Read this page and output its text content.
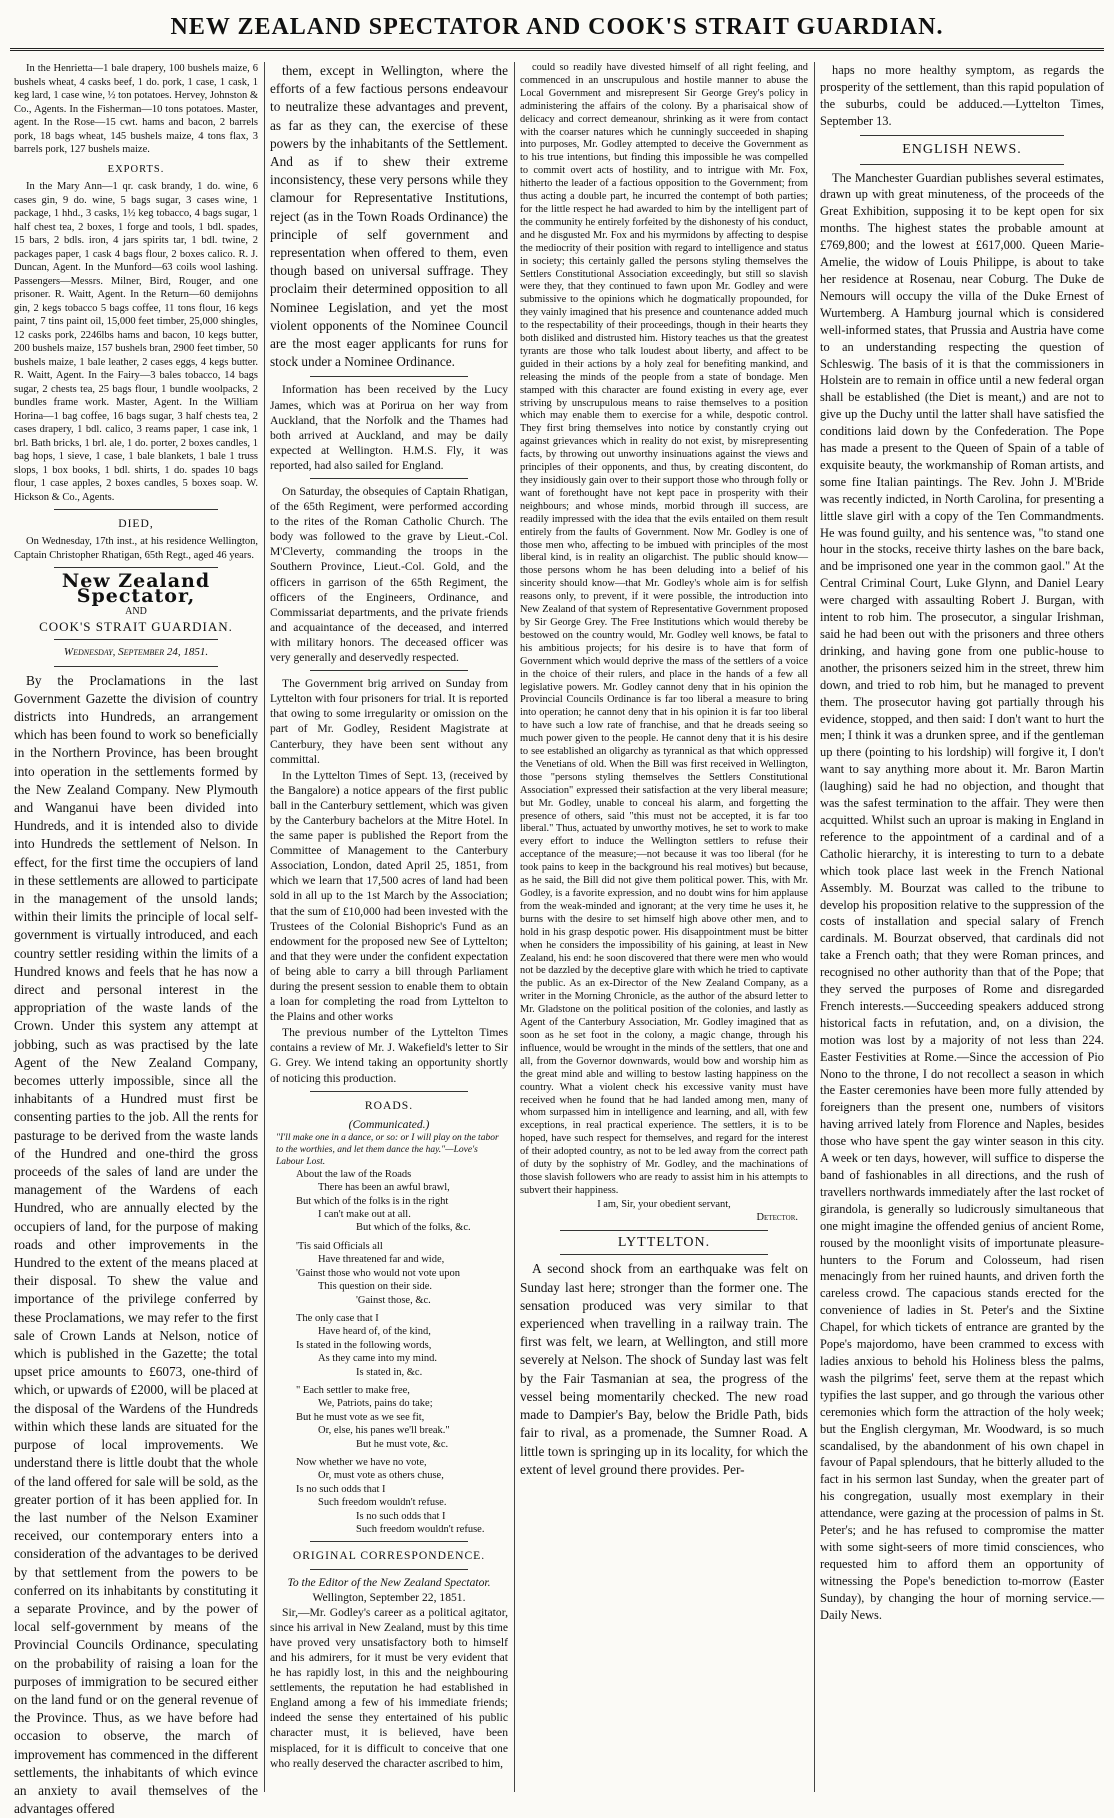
NEW ZEALAND SPECTATOR AND COOK'S STRAIT GUARDIAN.

In the Henrietta—1 bale drapery, 100 bushels maize, 6 bushels wheat, 4 casks beef, 1 do. pork, 1 case, 1 cask, 1 keg lard, 1 case wine, ½ ton potatoes. Hervey, Johnston & Co., Agents. In the Fisherman—10 tons potatoes. Master, agent. In the Rose—15 cwt. hams and bacon, 2 barrels pork, 18 bags wheat, 145 bushels maize, 4 tons flax, 3 barrels pork, 127 bushels maize.

EXPORTS.

In the Mary Ann—1 qr. cask brandy, 1 do. wine, 6 cases gin, 9 do. wine, 5 bags sugar, 3 cases wine, 1 package, 1 hhd., 3 casks, 1½ keg tobacco, 4 bags sugar, 1 half chest tea, 2 boxes, 1 forge and tools, 1 bdl. spades, 15 bars, 2 bdls. iron, 4 jars spirits tar, 1 bdl. twine, 2 packages paper, 1 cask 4 bags flour, 2 boxes calico. R. J. Duncan, Agent. In the Munford—63 coils wool lashing. Passengers—Messrs. Milner, Bird, Rouger, and one prisoner. R. Waitt, Agent. In the Return—60 demijohns gin, 2 kegs tobacco 5 bags coffee, 11 tons flour, 16 kegs paint, 7 tins paint oil, 15,000 feet timber, 25,000 shingles, 12 casks pork, 2246lbs hams and bacon, 10 kegs butter, 200 bushels maize, 157 bushels bran, 2900 feet timber, 50 bushels maize, 1 bale leather, 2 cases eggs, 4 kegs butter. R. Waitt, Agent. In the Fairy—3 bales tobacco, 14 bags sugar, 2 chests tea, 25 bags flour, 1 bundle woolpacks, 2 bundles frame work. Master, Agent. In the William Horina—1 bag coffee, 16 bags sugar, 3 half chests tea, 2 cases drapery, 1 bdl. calico, 3 reams paper, 1 case ink, 1 brl. Bath bricks, 1 brl. ale, 1 do. porter, 2 boxes candles, 1 bag hops, 1 sieve, 1 case, 1 bale blankets, 1 bale 1 truss slops, 1 box books, 1 bdl. shirts, 1 do. spades 10 bags flour, 1 case apples, 2 boxes candles, 5 boxes soap. W. Hickson & Co., Agents.

DIED,

On Wednesday, 17th inst., at his residence Wellington, Captain Christopher Rhatigan, 65th Regt., aged 46 years.

New Zealand Spectator,
AND
COOK'S STRAIT GUARDIAN.
Wednesday, September 24, 1851.

By the Proclamations in the last Government Gazette the division of country districts into Hundreds, an arrangement which has been found to work so beneficially in the Northern Province, has been brought into operation in the settlements formed by the New Zealand Company. New Plymouth and Wanganui have been divided into Hundreds, and it is intended also to divide into Hundreds the settlement of Nelson. In effect, for the first time the occupiers of land in these settlements are allowed to participate in the management of the unsold lands; within their limits the principle of local self-government is virtually introduced, and each country settler residing within the limits of a Hundred knows and feels that he has now a direct and personal interest in the appropriation of the waste lands of the Crown. Under this system any attempt at jobbing, such as was practised by the late Agent of the New Zealand Company, becomes utterly impossible, since all the inhabitants of a Hundred must first be consenting parties to the job. All the rents for pasturage to be derived from the waste lands of the Hundred and one-third the gross proceeds of the sales of land are under the management of the Wardens of each Hundred, who are annually elected by the occupiers of land, for the purpose of making roads and other improvements in the Hundred to the extent of the means placed at their disposal. To shew the value and importance of the privilege conferred by these Proclamations, we may refer to the first sale of Crown Lands at Nelson, notice of which is published in the Gazette; the total upset price amounts to £6073, one-third of which, or upwards of £2000, will be placed at the disposal of the Wardens of the Hundreds within which these lands are situated for the purpose of local improvements. We understand there is little doubt that the whole of the land offered for sale will be sold, as the greater portion of it has been applied for. In the last number of the Nelson Examiner received, our contemporary enters into a consideration of the advantages to be derived by that settlement from the powers to be conferred on its inhabitants by constituting it a separate Province, and by the power of local self-government by means of the Provincial Councils Ordinance, speculating on the probability of raising a loan for the purposes of immigration to be secured either on the land fund or on the general revenue of the Province. Thus, as we have before had occasion to observe, the march of improvement has commenced in the different settlements, the inhabitants of which evince an anxiety to avail themselves of the advantages offered

them, except in Wellington, where the efforts of a few factious persons endeavour to neutralize these advantages and prevent, as far as they can, the exercise of these powers by the inhabitants of the Settlement. And as if to shew their extreme inconsistency, these very persons while they clamour for Representative Institutions, reject (as in the Town Roads Ordinance) the principle of self government and representation when offered to them, even though based on universal suffrage. They proclaim their determined opposition to all Nominee Legislation, and yet the most violent opponents of the Nominee Council are the most eager applicants for runs for stock under a Nominee Ordinance.

Information has been received by the Lucy James, which was at Porirua on her way from Auckland, that the Norfolk and the Thames had both arrived at Auckland, and may be daily expected at Wellington. H.M.S. Fly, it was reported, had also sailed for England.

On Saturday, the obsequies of Captain Rhatigan, of the 65th Regiment, were performed according to the rites of the Roman Catholic Church. The body was followed to the grave by Lieut.-Col. M'Cleverty, commanding the troops in the Southern Province, Lieut.-Col. Gold, and the officers in garrison of the 65th Regiment, the officers of the Engineers, Ordinance, and Commissariat departments, and the private friends and acquaintance of the deceased, and interred with military honors. The deceased officer was very generally and deservedly respected.

The Government brig arrived on Sunday from Lyttelton with four prisoners for trial. It is reported that owing to some irregularity or omission on the part of Mr. Godley, Resident Magistrate at Canterbury, they have been sent without any committal.

In the Lyttelton Times of Sept. 13, (received by the Bangalore) a notice appears of the first public ball in the Canterbury settlement, which was given by the Canterbury bachelors at the Mitre Hotel. In the same paper is published the Report from the Committee of Management to the Canterbury Association, London, dated April 25, 1851, from which we learn that 17,500 acres of land had been sold in all up to the 1st March by the Association; that the sum of £10,000 had been invested with the Trustees of the Colonial Bishopric's Fund as an endowment for the proposed new See of Lyttelton; and that they were under the confident expectation of being able to carry a bill through Parliament during the present session to enable them to obtain a loan for completing the road from Lyttelton to the Plains and other works

The previous number of the Lyttelton Times contains a review of Mr. J. Wakefield's letter to Sir G. Grey. We intend taking an opportunity shortly of noticing this production.

ROADS.
(Communicated.)
"I'll make one in a dance, or so: or I will play on the tabor to the worthies, and let them dance the hay."—Love's Labour Lost.
About the law of the Roads
There has been an awful brawl,
But which of the folks is in the right
I can't make out at all.
But which of the folks, &c.
'Tis said Officials all
Have threatened far and wide,
'Gainst those who would not vote upon
This question on their side.
'Gainst those, &c.
The only case that I
Have heard of, of the kind,
Is stated in the following words,
As they came into my mind.
Is stated in, &c.
" Each settler to make free,
We, Patriots, pains do take;
But he must vote as we see fit,
Or, else, his panes we'll break."
But he must vote, &c.
Now whether we have no vote,
Or, must vote as others chuse,
Is no such odds that I
Such freedom wouldn't refuse.
Is no such odds that I
Such freedom wouldn't refuse.
ORIGINAL CORRESPONDENCE.
To the Editor of the New Zealand Spectator.
Wellington, September 22, 1851.

Sir,—Mr. Godley's career as a political agitator, since his arrival in New Zealand, must by this time have proved very unsatisfactory both to himself and his admirers, for it must be very evident that he has rapidly lost, in this and the neighbouring settlements, the reputation he had established in England among a few of his immediate friends; indeed the sense they entertained of his public character must, it is believed, have been misplaced, for it is difficult to conceive that one who really deserved the character ascribed to him,

could so readily have divested himself of all right feeling, and commenced in an unscrupulous and hostile manner to abuse the Local Government and misrepresent Sir George Grey's policy in administering the affairs of the colony. By a pharisaical show of delicacy and correct demeanour, shrinking as it were from contact with the coarser natures which he cunningly succeeded in shaping into purposes, Mr. Godley attempted to deceive the Government as to his true intentions, but finding this impossible he was compelled to commit overt acts of hostility, and to intrigue with Mr. Fox, hitherto the leader of a factious opposition to the Government; from thus acting a double part, he incurred the contempt of both parties; for the little respect he had awarded to him by the intelligent part of the community he entirely forfeited by the dishonesty of his conduct, and he disgusted Mr. Fox and his myrmidons by affecting to despise the mediocrity of their position with regard to intelligence and status in society; this certainly galled the persons styling themselves the Settlers Constitutional Association exceedingly, but still so slavish were they, that they continued to fawn upon Mr. Godley and were submissive to the opinions which he dogmatically propounded, for they vainly imagined that his presence and countenance added much to the respectability of their proceedings, though in their hearts they both disliked and distrusted him. History teaches us that the greatest tyrants are those who talk loudest about liberty, and affect to be guided in their actions by a holy zeal for benefiting mankind, and releasing the minds of the people from a state of bondage. Men stamped with this character are found existing in every age, ever striving by unscrupulous means to raise themselves to a position which may enable them to exercise for a while, despotic control. They first bring themselves into notice by constantly crying out against grievances which in reality do not exist, by misrepresenting facts, by throwing out unworthy insinuations against the views and principles of their opponents, and thus, by creating discontent, do they insidiously gain over to their support those who through folly or want of forethought have not kept pace in prosperity with their neighbours; and whose minds, morbid through ill success, are readily impressed with the idea that the evils entailed on them result entirely from the faults of Government. Now Mr. Godley is one of those men who, affecting to be imbued with principles of the most liberal kind, is in reality an oligarchist. The public should know—those persons whom he has been deluding into a belief of his sincerity should know—that Mr. Godley's whole aim is for selfish reasons only, to prevent, if it were possible, the introduction into New Zealand of that system of Representative Government proposed by Sir George Grey. The Free Institutions which would thereby be bestowed on the country would, Mr. Godley well knows, be fatal to his ambitious projects; for his desire is to have that form of Government which would deprive the mass of the settlers of a voice in the choice of their rulers, and place in the hands of a few all legislative powers. Mr. Godley cannot deny that in his opinion the Provincial Councils Ordinance is far too liberal a measure to bring into operation; he cannot deny that in his opinion it is far too liberal to have such a low rate of franchise, and that he dreads seeing so much power given to the people. He cannot deny that it is his desire to see established an oligarchy as tyrannical as that which oppressed the Venetians of old. When the Bill was first received in Wellington, those "persons styling themselves the Settlers Constitutional Association" expressed their satisfaction at the very liberal measure; but Mr. Godley, unable to conceal his alarm, and forgetting the presence of others, said "this must not be accepted, it is far too liberal." Thus, actuated by unworthy motives, he set to work to make every effort to induce the Wellington settlers to refuse their acceptance of the measure;—not because it was too liberal (for he took pains to keep in the background his real motives) but because, as he said, the Bill did not give them political power. This, with Mr. Godley, is a favorite expression, and no doubt wins for him applause from the weak-minded and ignorant; at the very time he uses it, he burns with the desire to set himself high above other men, and to hold in his grasp despotic power. His disappointment must be bitter when he considers the impossibility of his gaining, at least in New Zealand, his end: he soon discovered that there were men who would not be dazzled by the deceptive glare with which he tried to captivate the public. As an ex-Director of the New Zealand Company, as a writer in the Morning Chronicle, as the author of the absurd letter to Mr. Gladstone on the political position of the colonies, and lastly as Agent of the Canterbury Association, Mr. Godley imagined that as soon as he set foot in the colony, a magic change, through his influence, would be wrought in the minds of the settlers, that one and all, from the Governor downwards, would bow and worship him as the great mind able and willing to bestow lasting happiness on the country. What a violent check his excessive vanity must have received when he found that he had landed among men, many of whom surpassed him in intelligence and learning, and all, with few exceptions, in real practical experience. The settlers, it is to be hoped, have such respect for themselves, and regard for the interest of their adopted country, as not to be led away from the correct path of duty by the sophistry of Mr. Godley, and the machinations of those slavish followers who are ready to assist him in his attempts to subvert their happiness.

I am, Sir, your obedient servant,
Detector.
LYTTELTON.

A second shock from an earthquake was felt on Sunday last here; stronger than the former one. The sensation produced was very similar to that experienced when travelling in a railway train. The first was felt, we learn, at Wellington, and still more severely at Nelson. The shock of Sunday last was felt by the Fair Tasmanian at sea, the progress of the vessel being momentarily checked. The new road made to Dampier's Bay, below the Bridle Path, bids fair to rival, as a promenade, the Sumner Road. A little town is springing up in its locality, for which the extent of level ground there provides. Per-

haps no more healthy symptom, as regards the prosperity of the settlement, than this rapid population of the suburbs, could be adduced.—Lyttelton Times, September 13.

ENGLISH NEWS.

The Manchester Guardian publishes several estimates, drawn up with great minuteness, of the proceeds of the Great Exhibition, supposing it to be kept open for six months. The highest states the probable amount at £769,800; and the lowest at £617,000. Queen Marie-Amelie, the widow of Louis Philippe, is about to take her residence at Rosenau, near Coburg. The Duke de Nemours will occupy the villa of the Duke Ernest of Wurtemberg. A Hamburg journal which is considered well-informed states, that Prussia and Austria have come to an understanding respecting the question of Schleswig. The basis of it is that the commissioners in Holstein are to remain in office until a new federal organ shall be established (the Diet is meant,) and are not to give up the Duchy until the latter shall have satisfied the conditions laid down by the Confederation. The Pope has made a present to the Queen of Spain of a table of exquisite beauty, the workmanship of Roman artists, and some fine Italian paintings. The Rev. John J. M'Bride was recently indicted, in North Carolina, for presenting a little slave girl with a copy of the Ten Commandments. He was found guilty, and his sentence was, "to stand one hour in the stocks, receive thirty lashes on the bare back, and be imprisoned one year in the common gaol." At the Central Criminal Court, Luke Glynn, and Daniel Leary were charged with assaulting Robert J. Burgan, with intent to rob him. The prosecutor, a singular Irishman, said he had been out with the prisoners and three others drinking, and having gone from one public-house to another, the prisoners seized him in the street, threw him down, and tried to rob him, but he managed to prevent them. The prosecutor having got partially through his evidence, stopped, and then said: I don't want to hurt the men; I think it was a drunken spree, and if the gentleman up there (pointing to his lordship) will forgive it, I don't want to say anything more about it. Mr. Baron Martin (laughing) said he had no objection, and thought that was the safest termination to the affair. They were then acquitted. Whilst such an uproar is making in England in reference to the appointment of a cardinal and of a Catholic hierarchy, it is interesting to turn to a debate which took place last week in the French National Assembly. M. Bourzat was called to the tribune to develop his proposition relative to the suppression of the costs of installation and special salary of French cardinals. M. Bourzat observed, that cardinals did not take a French oath; that they were Roman princes, and recognised no other authority than that of the Pope; that they served the purposes of Rome and disregarded French interests.—Succeeding speakers adduced strong historical facts in refutation, and, on a division, the motion was lost by a majority of not less than 224. Easter Festivities at Rome.—Since the accession of Pio Nono to the throne, I do not recollect a season in which the Easter ceremonies have been more fully attended by foreigners than the present one, numbers of visitors having arrived lately from Florence and Naples, besides those who have spent the gay winter season in this city. A week or ten days, however, will suffice to disperse the band of fashionables in all directions, and the rush of travellers northwards immediately after the last rocket of girandola, is generally so ludicrously simultaneous that one might imagine the offended genius of ancient Rome, roused by the moonlight visits of importunate pleasure-hunters to the Forum and Colosseum, had risen menacingly from her ruined haunts, and driven forth the careless crowd. The capacious stands erected for the convenience of ladies in St. Peter's and the Sixtine Chapel, for which tickets of entrance are granted by the Pope's majordomo, have been crammed to excess with ladies anxious to behold his Holiness bless the palms, wash the pilgrims' feet, serve them at the repast which typifies the last supper, and go through the various other ceremonies which form the attraction of the holy week; but the English clergyman, Mr. Woodward, is so much scandalised, by the abandonment of his own chapel in favour of Papal splendours, that he bitterly alluded to the fact in his sermon last Sunday, when the greater part of his congregation, usually most exemplary in their attendance, were gazing at the procession of palms in St. Peter's; and he has refused to compromise the matter with some sight-seers of more timid consciences, who requested him to afford them an opportunity of witnessing the Pope's benediction to-morrow (Easter Sunday), by changing the hour of morning service.—Daily News.
